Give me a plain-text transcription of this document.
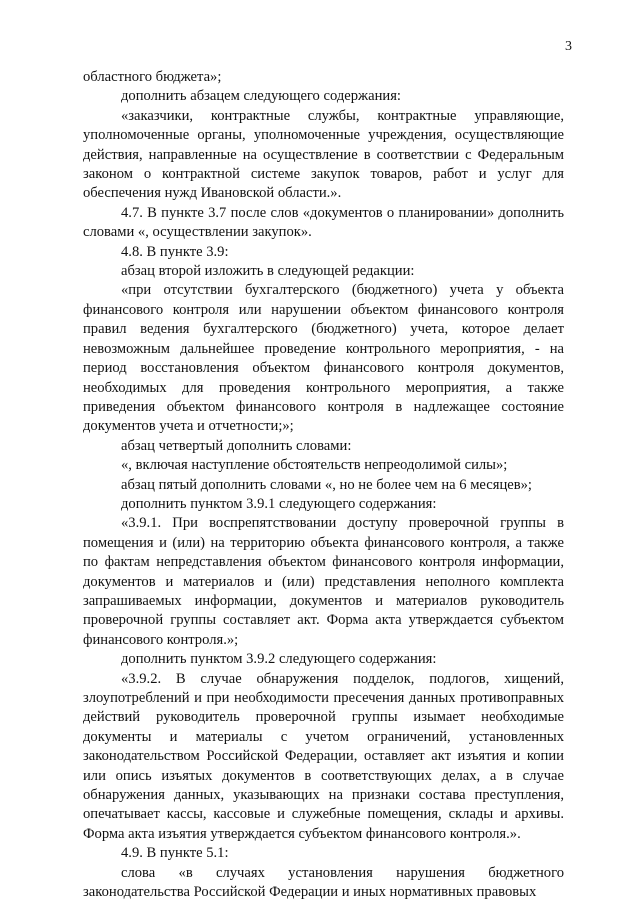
3

областного бюджета»;

дополнить абзацем следующего содержания:

«заказчики, контрактные службы, контрактные управляющие, уполномоченные органы, уполномоченные учреждения, осуществляющие действия, направленные на осуществление в соответствии с Федеральным законом о контрактной системе закупок товаров, работ и услуг для обеспечения нужд Ивановской области.».

4.7. В пункте 3.7 после слов «документов о планировании» дополнить словами «, осуществлении закупок».

4.8. В пункте 3.9:

абзац второй изложить в следующей редакции:

«при отсутствии бухгалтерского (бюджетного) учета у объекта финансового контроля или нарушении объектом финансового контроля правил ведения бухгалтерского (бюджетного) учета, которое делает невозможным дальнейшее проведение контрольного мероприятия, - на период восстановления объектом финансового контроля документов, необходимых для проведения контрольного мероприятия, а также приведения объектом финансового контроля в надлежащее состояние документов учета и отчетности;»;

абзац четвертый дополнить словами:

«, включая наступление обстоятельств непреодолимой силы»;

абзац пятый дополнить словами «, но не более чем на 6 месяцев»;

дополнить пунктом 3.9.1 следующего содержания:

«3.9.1. При воспрепятствовании доступу проверочной группы в помещения и (или) на территорию объекта финансового контроля, а также по фактам непредставления объектом финансового контроля информации, документов и материалов и (или) представления неполного комплекта запрашиваемых информации, документов и материалов руководитель проверочной группы составляет акт. Форма акта утверждается субъектом финансового контроля.»;

дополнить пунктом 3.9.2 следующего содержания:

«3.9.2. В случае обнаружения подделок, подлогов, хищений, злоупотреблений и при необходимости пресечения данных противоправных действий руководитель проверочной группы изымает необходимые документы и материалы с учетом ограничений, установленных законодательством Российской Федерации, оставляет акт изъятия и копии или опись изъятых документов в соответствующих делах, а в случае обнаружения данных, указывающих на признаки состава преступления, опечатывает кассы, кассовые и служебные помещения, склады и архивы. Форма акта изъятия утверждается субъектом финансового контроля.».

4.9. В пункте 5.1:

слова «в случаях установления нарушения бюджетного законодательства Российской Федерации и иных нормативных правовых
